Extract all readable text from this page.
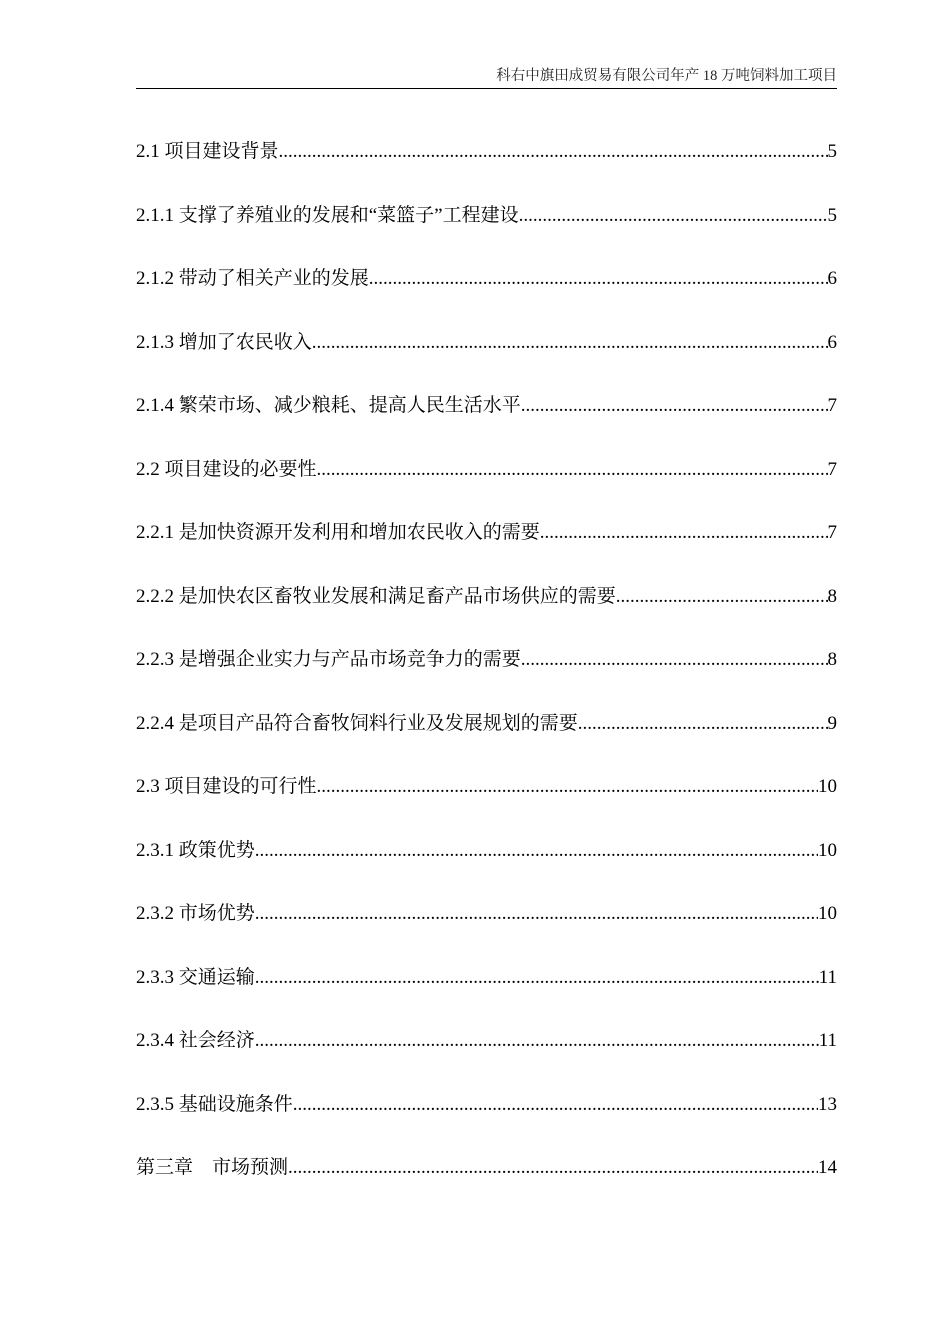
科右中旗田成贸易有限公司年产 18 万吨饲料加工项目
2.1 项目建设背景 .....	5
2.1.1 支撑了养殖业的发展和“菜篮子”工程建设 .....	5
2.1.2 带动了相关产业的发展 .....	6
2.1.3 增加了农民收入 .....	6
2.1.4 繁荣市场、减少粮耗、提高人民生活水平 .....	7
2.2 项目建设的必要性 .....	7
2.2.1 是加快资源开发利用和增加农民收入的需要 .....	7
2.2.2 是加快农区畜牧业发展和满足畜产品市场供应的需要 .....	8
2.2.3 是增强企业实力与产品市场竞争力的需要 .....	8
2.2.4 是项目产品符合畜牧饲料行业及发展规划的需要 .....	9
2.3 项目建设的可行性 .....	10
2.3.1 政策优势 .....	10
2.3.2 市场优势 .....	10
2.3.3 交通运输 .....	11
2.3.4 社会经济 .....	11
2.3.5 基础设施条件 .....	13
第三章　市场预测 .....	14
